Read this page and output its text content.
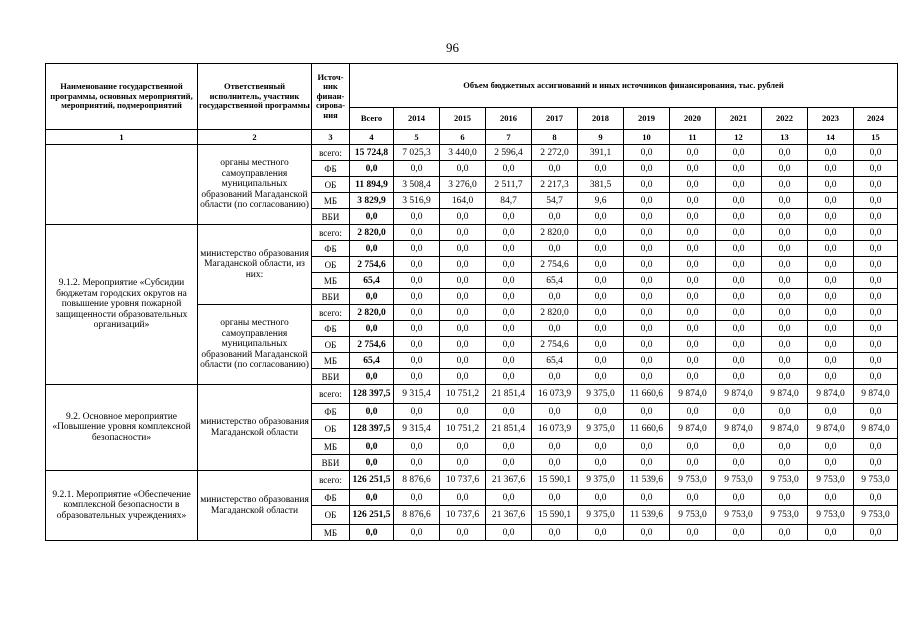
96
Наименование государственной программы, основных мероприятий, мероприятий, подмероприятий	Ответственный исполнитель, участник государственной программы	Источ-ник финан-сирова-ния	Объем бюджетных ассигнований и иных источников финансирования, тыс. рублей											
			Всего	2014	2015	2016	2017	2018	2019	2020	2021	2022	2023	2024
1	2	3	4	5	6	7	8	9	10	11	12	13	14	15
	органы местного самоуправления муниципальных образований Магаданской области (по согласованию)	всего:	15 724,8	7 025,3	3 440,0	2 596,4	2 272,0	391,1	0,0	0,0	0,0	0,0	0,0	0,0
		ФБ	0,0	0,0	0,0	0,0	0,0	0,0	0,0	0,0	0,0	0,0	0,0	0,0
		ОБ	11 894,9	3 508,4	3 276,0	2 511,7	2 217,3	381,5	0,0	0,0	0,0	0,0	0,0	0,0
		МБ	3 829,9	3 516,9	164,0	84,7	54,7	9,6	0,0	0,0	0,0	0,0	0,0	0,0
		ВБИ	0,0	0,0	0,0	0,0	0,0	0,0	0,0	0,0	0,0	0,0	0,0	0,0
9.1.2. Мероприятие «Субсидии бюджетам городских округов на повышение уровня пожарной защищенности образовательных организаций»	министерство образования Магаданской области, из них:	всего:	2 820,0	0,0	0,0	0,0	2 820,0	0,0	0,0	0,0	0,0	0,0	0,0	0,0
		ФБ	0,0	0,0	0,0	0,0	0,0	0,0	0,0	0,0	0,0	0,0	0,0	0,0
		ОБ	2 754,6	0,0	0,0	0,0	2 754,6	0,0	0,0	0,0	0,0	0,0	0,0	0,0
		МБ	65,4	0,0	0,0	0,0	65,4	0,0	0,0	0,0	0,0	0,0	0,0	0,0
		ВБИ	0,0	0,0	0,0	0,0	0,0	0,0	0,0	0,0	0,0	0,0	0,0	0,0
	органы местного самоуправления муниципальных образований Магаданской области (по согласованию)	всего:	2 820,0	0,0	0,0	0,0	2 820,0	0,0	0,0	0,0	0,0	0,0	0,0	0,0
		ФБ	0,0	0,0	0,0	0,0	0,0	0,0	0,0	0,0	0,0	0,0	0,0	0,0
		ОБ	2 754,6	0,0	0,0	0,0	2 754,6	0,0	0,0	0,0	0,0	0,0	0,0	0,0
		МБ	65,4	0,0	0,0	0,0	65,4	0,0	0,0	0,0	0,0	0,0	0,0	0,0
		ВБИ	0,0	0,0	0,0	0,0	0,0	0,0	0,0	0,0	0,0	0,0	0,0	0,0
9.2. Основное мероприятие «Повышение уровня комплексной безопасности»	министерство образования Магаданской области	всего:	128 397,5	9 315,4	10 751,2	21 851,4	16 073,9	9 375,0	11 660,6	9 874,0	9 874,0	9 874,0	9 874,0	9 874,0
		ФБ	0,0	0,0	0,0	0,0	0,0	0,0	0,0	0,0	0,0	0,0	0,0	0,0
		ОБ	128 397,5	9 315,4	10 751,2	21 851,4	16 073,9	9 375,0	11 660,6	9 874,0	9 874,0	9 874,0	9 874,0	9 874,0
		МБ	0,0	0,0	0,0	0,0	0,0	0,0	0,0	0,0	0,0	0,0	0,0	0,0
		ВБИ	0,0	0,0	0,0	0,0	0,0	0,0	0,0	0,0	0,0	0,0	0,0	0,0
9.2.1. Мероприятие «Обеспечение комплексной безопасности в образовательных учреждениях»	министерство образования Магаданской области	всего:	126 251,5	8 876,6	10 737,6	21 367,6	15 590,1	9 375,0	11 539,6	9 753,0	9 753,0	9 753,0	9 753,0	9 753,0
		ФБ	0,0	0,0	0,0	0,0	0,0	0,0	0,0	0,0	0,0	0,0	0,0	0,0
		ОБ	126 251,5	8 876,6	10 737,6	21 367,6	15 590,1	9 375,0	11 539,6	9 753,0	9 753,0	9 753,0	9 753,0	9 753,0
		МБ	0,0	0,0	0,0	0,0	0,0	0,0	0,0	0,0	0,0	0,0	0,0	0,0
